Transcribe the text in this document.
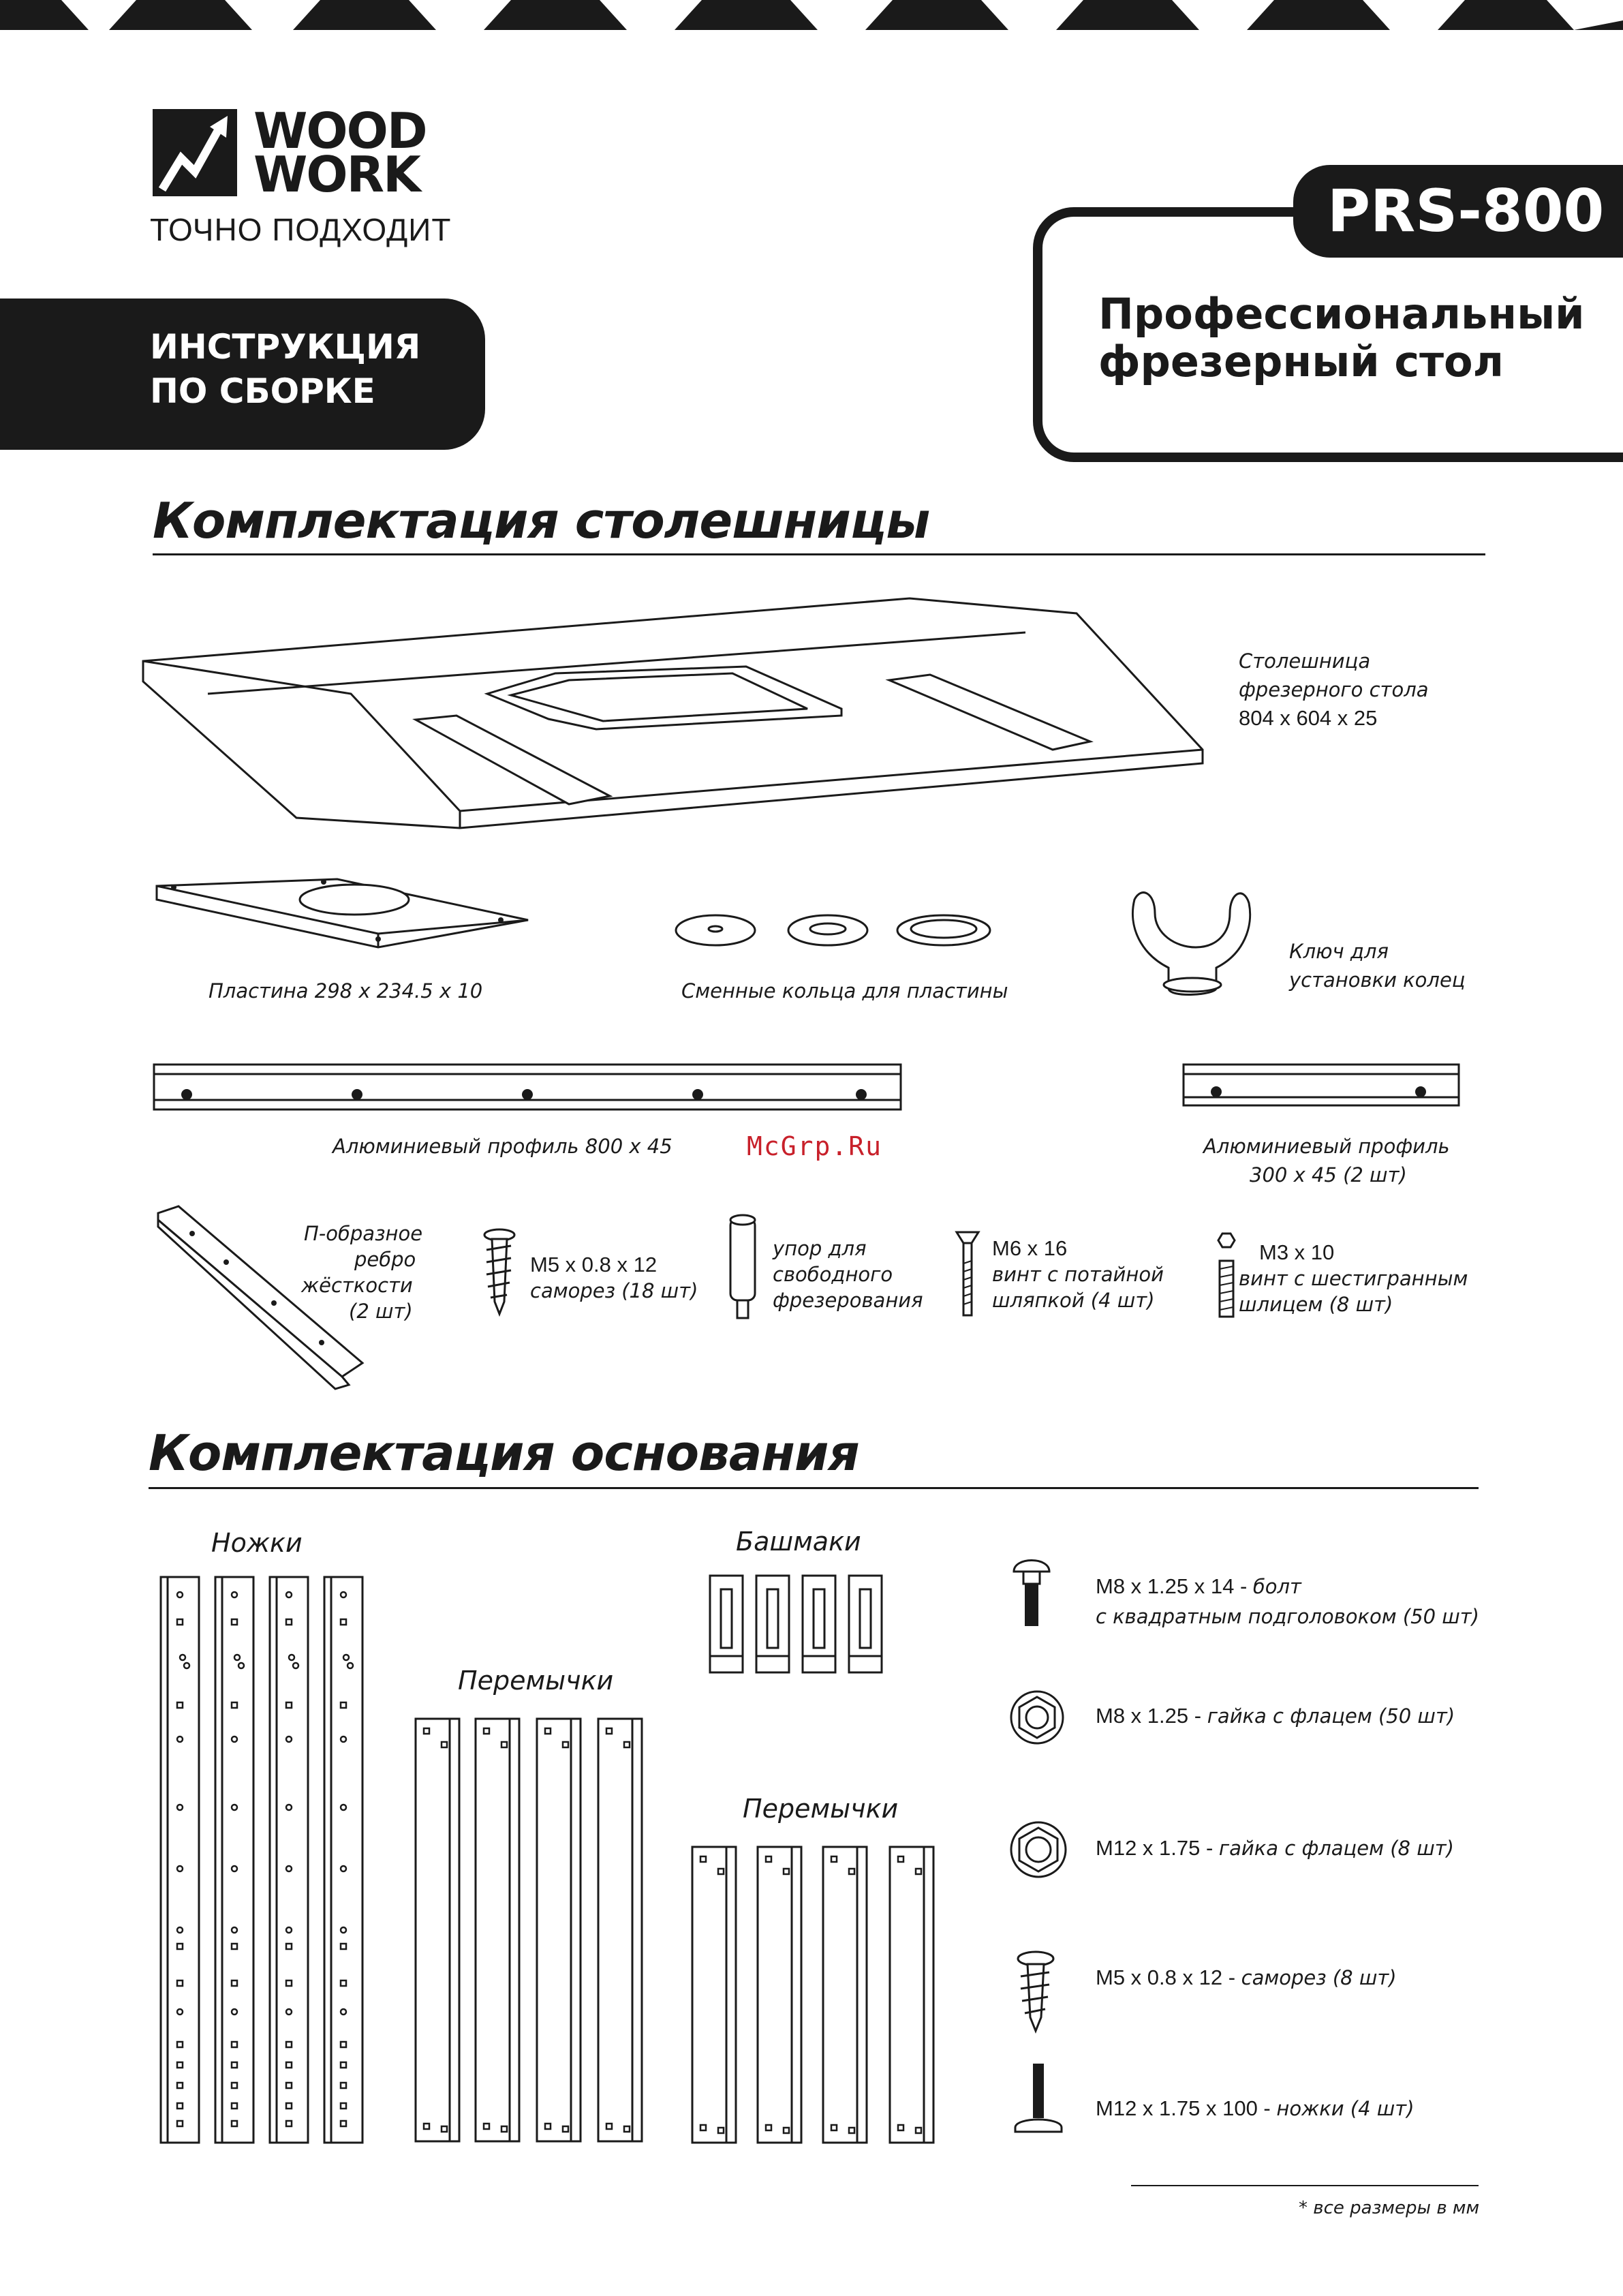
WOOD
WORK
ТОЧНО ПОДХОДИТ
ИНСТРУКЦИЯ
ПО СБОРКЕ
PRS-800
Профессиональный
фрезерный стол
Комплектация столешницы
Столешница
фрезерного стола
804 x 604 x 25
Пластина 298 x 234.5 x 10	Сменные кольца для пластины
Ключ для
установки колец
Алюминиевый профиль 800 x 45	McGrp.Ru	Алюминиевый профиль
300 x 45 (2 шт)
П-образное
ребро
жёсткости
(2 шт)
M5 x 0.8 x 12
саморез (18 шт)
упор для
свободного
фрезерования
M6 x 16
винт с потайной
шляпкой (4 шт)
M3 x 10
винт с шестигранным
шлицем (8 шт)
Комплектация основания
Ножки	Башмаки
Перемычки
Перемычки
M8 x 1.25 x 14 - болт
с квадратным подголовоком (50 шт)
M8 x 1.25 - гайка с флацем (50 шт)
M12 x 1.75 - гайка с флацем (8 шт)
M5 x 0.8 x 12 - саморез (8 шт)
M12 x 1.75 x 100 - ножки (4 шт)
* все размеры в мм
